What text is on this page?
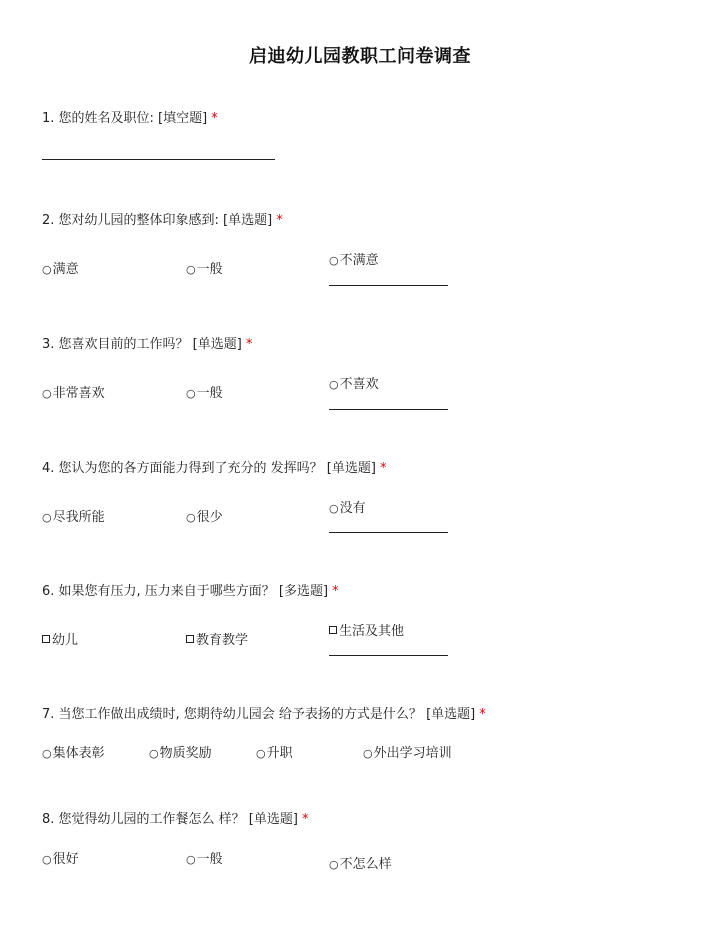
启迪幼儿园教职工问卷调查
1. 您的姓名及职位: [填空题] *
2. 您对幼儿园的整体印象感到: [单选题] *
○满意	○一般
○不满意
3. 您喜欢目前的工作吗？ [单选题] *
○非常喜欢	○一般
○不喜欢
4. 您认为您的各方面能力得到了充分的 发挥吗？ [单选题] *
○尽我所能	○很少
○没有
6. 如果您有压力, 压力来自于哪些方面？ [多选题] *
幼儿	教育教学
生活及其他
7. 当您工作做出成绩时, 您期待幼儿园会 给予表扬的方式是什么？ [单选题] *
○集体表彰	○物质奖励	○升职	○外出学习培训
8. 您觉得幼儿园的工作餐怎么 样？ [单选题] *
○很好	○一般	○不怎么样
